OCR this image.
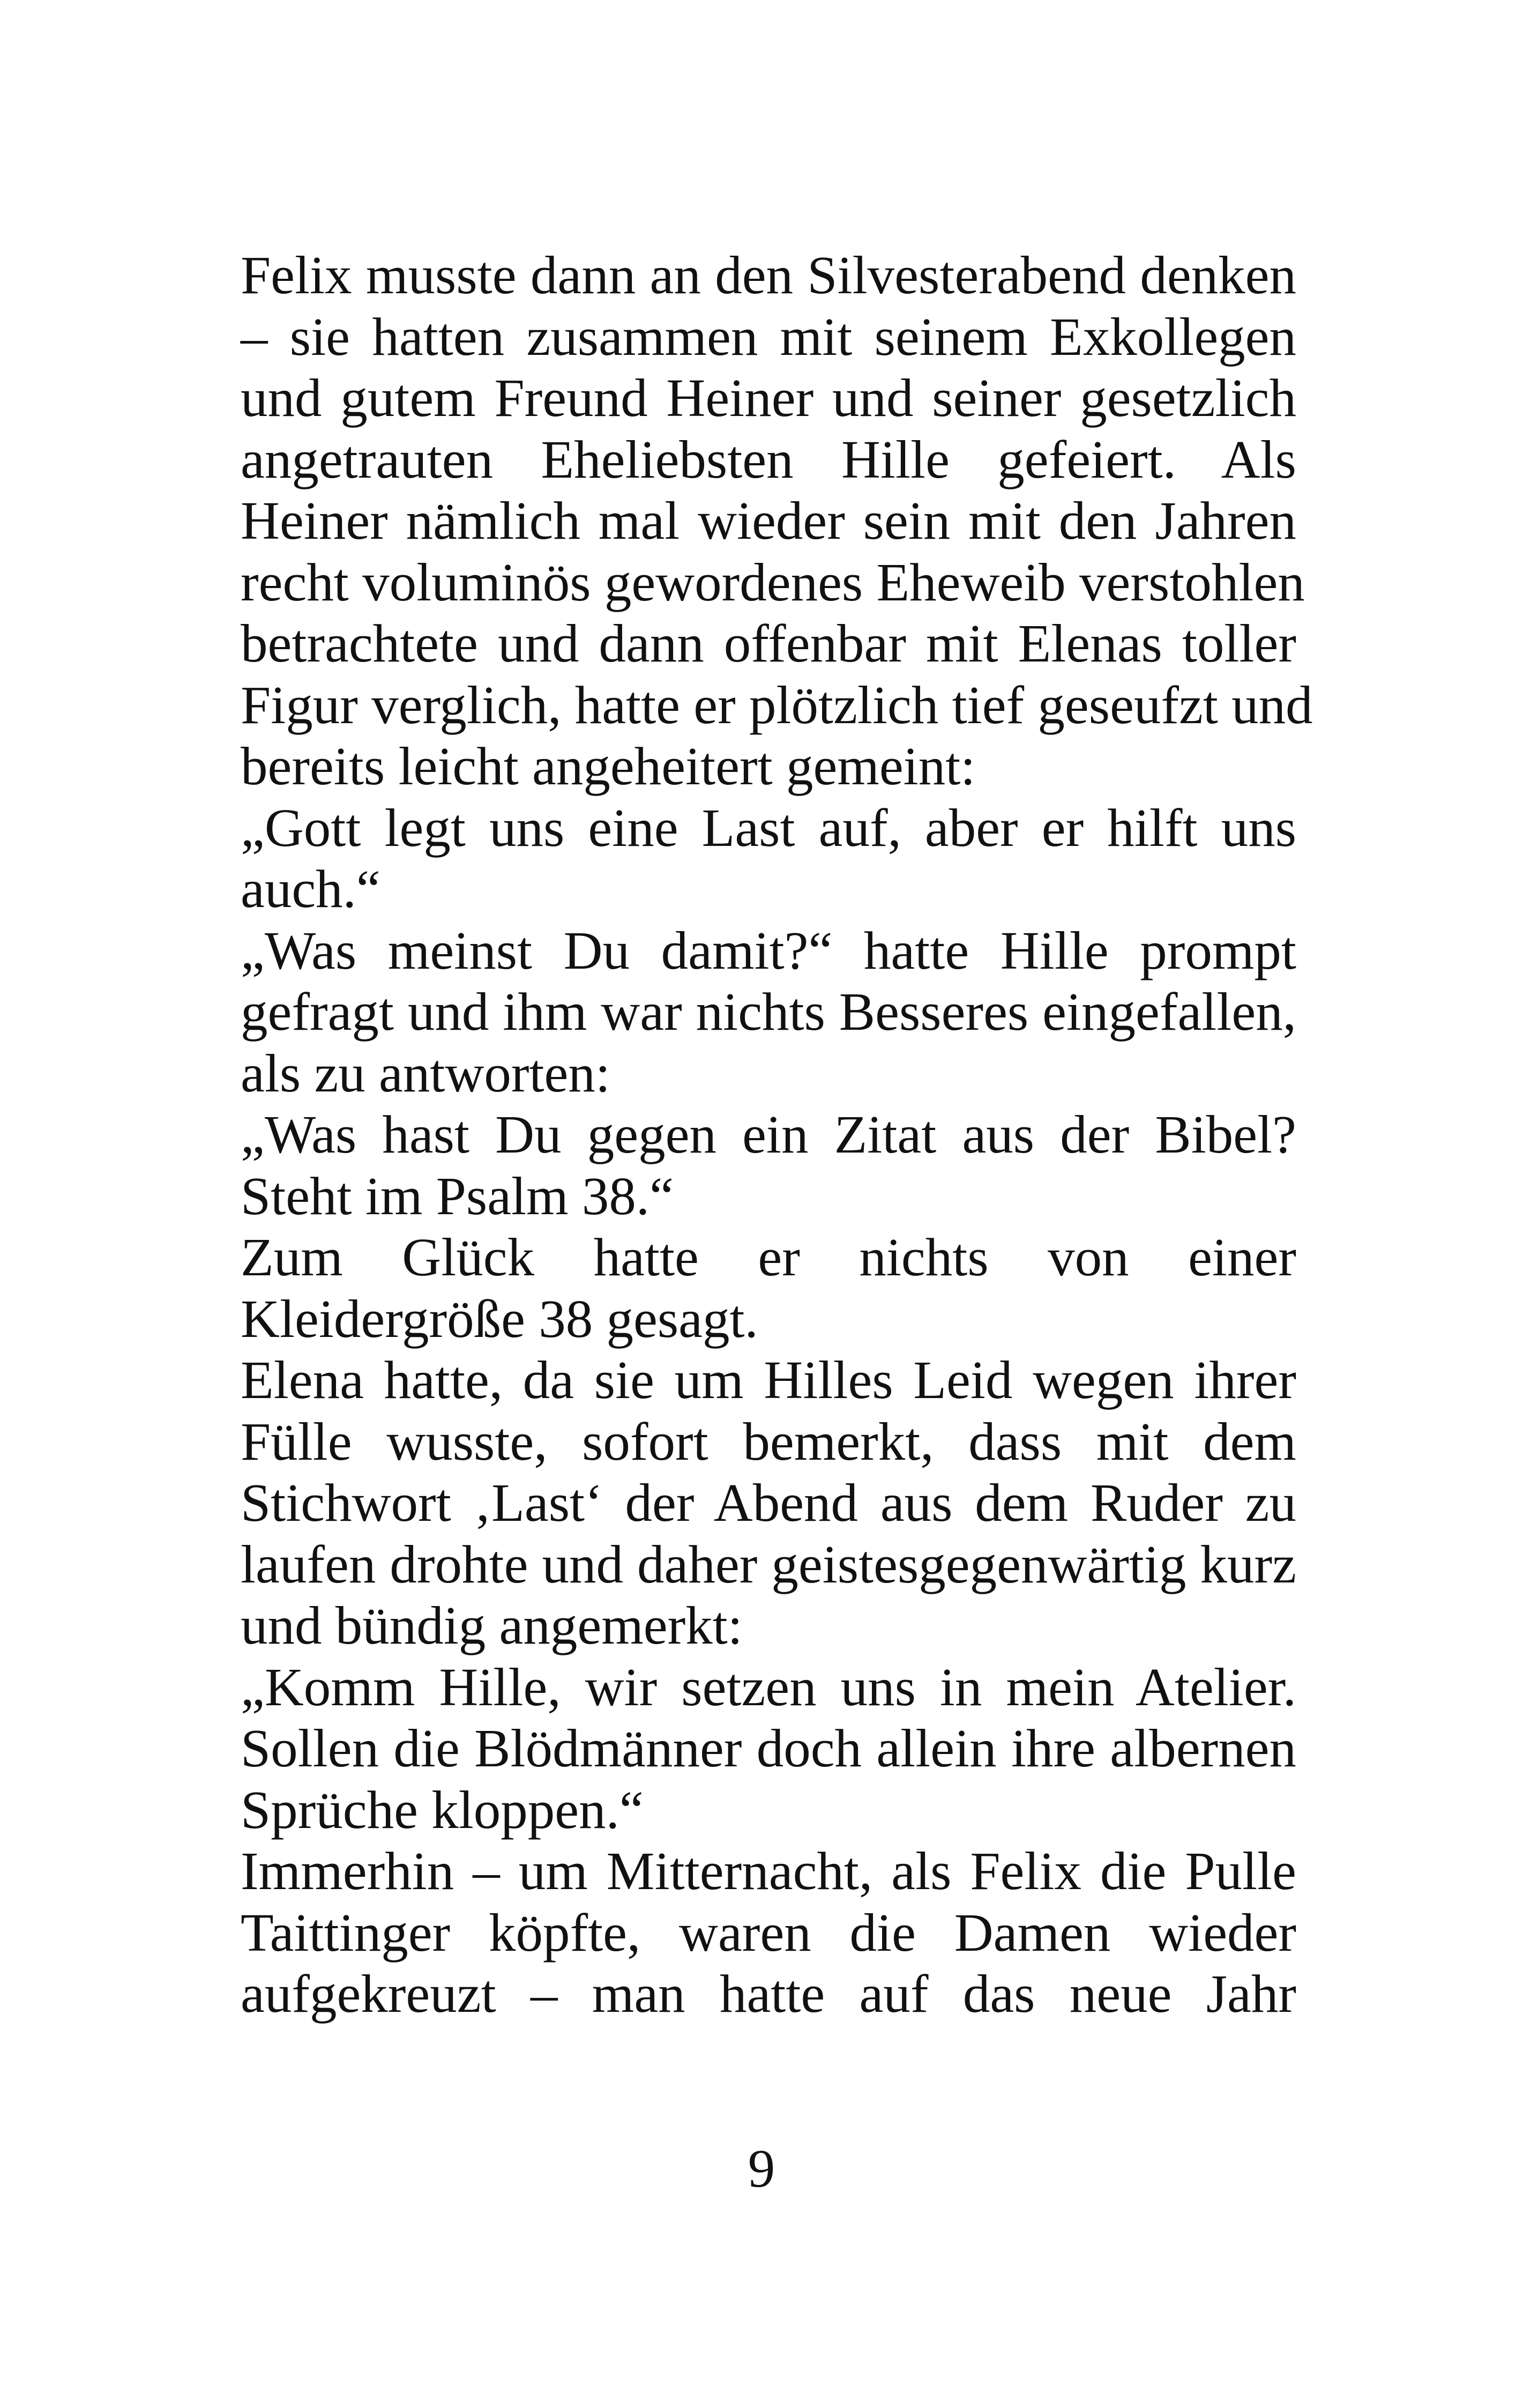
Felix musste dann an den Silvesterabend denken
– sie hatten zusammen mit seinem Exkollegen
und gutem Freund Heiner und seiner gesetzlich
angetrauten Eheliebsten Hille gefeiert. Als
Heiner nämlich mal wieder sein mit den Jahren
recht voluminös gewordenes Eheweib verstohlen
betrachtete und dann offenbar mit Elenas toller
Figur verglich, hatte er plötzlich tief geseufzt und
bereits leicht angeheitert gemeint:
„Gott legt uns eine Last auf, aber er hilft uns
auch.“
„Was meinst Du damit?“ hatte Hille prompt
gefragt und ihm war nichts Besseres eingefallen,
als zu antworten:
„Was hast Du gegen ein Zitat aus der Bibel?
Steht im Psalm 38.“
Zum Glück hatte er nichts von einer
Kleidergröße 38 gesagt.
Elena hatte, da sie um Hilles Leid wegen ihrer
Fülle wusste, sofort bemerkt, dass mit dem
Stichwort ‚Last‘ der Abend aus dem Ruder zu
laufen drohte und daher geistesgegenwärtig kurz
und bündig angemerkt:
„Komm Hille, wir setzen uns in mein Atelier.
Sollen die Blödmänner doch allein ihre albernen
Sprüche kloppen.“
Immerhin – um Mitternacht, als Felix die Pulle
Taittinger köpfte, waren die Damen wieder
aufgekreuzt – man hatte auf das neue Jahr
9
